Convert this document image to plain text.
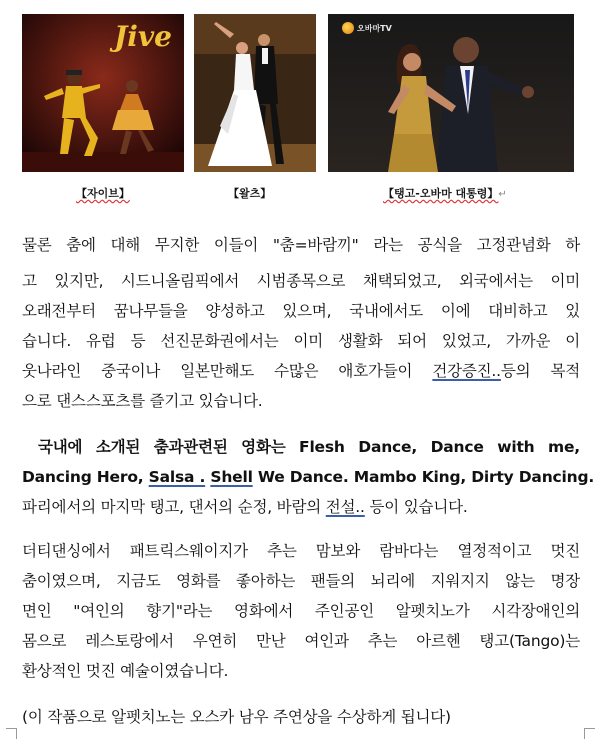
Jive	오바마TV
【자이브】	【왈츠】	【탱고-오바마 대통령】↵
물론 춤에 대해 무지한 이들이 "춤=바람끼" 라는 공식을 고정관념화 하
고 있지만, 시드니올림픽에서 시범종목으로 채택되었고, 외국에서는 이미
오래전부터 꿈나무들을 양성하고 있으며, 국내에서도 이에 대비하고 있
습니다. 유럽 등 선진문화권에서는 이미 생활화 되어 있었고, 가까운 이
웃나라인 중국이나 일본만해도 수많은 애호가들이 건강증진..등의 목적
으로 댄스스포츠를 즐기고 있습니다.
국내에 소개된 춤과관련된 영화는 Flesh Dance, Dance with me,
Dancing Hero, Salsa . Shell We Dance. Mambo King, Dirty Dancing.
파리에서의 마지막 탱고, 댄서의 순정, 바람의 전설.. 등이 있습니다.
더티댄싱에서 패트릭스웨이지가 추는 맘보와 람바다는 열정적이고 멋진
춤이였으며, 지금도 영화를 좋아하는 팬들의 뇌리에 지워지지 않는 명장
면인 "여인의 향기"라는 영화에서 주인공인 알펫치노가 시각장애인의
몸으로 레스토랑에서 우연히 만난 여인과 추는 아르헨 탱고(Tango)는
환상적인 멋진 예술이였습니다.
(이 작품으로 알펫치노는 오스카 남우 주연상을 수상하게 됩니다)
